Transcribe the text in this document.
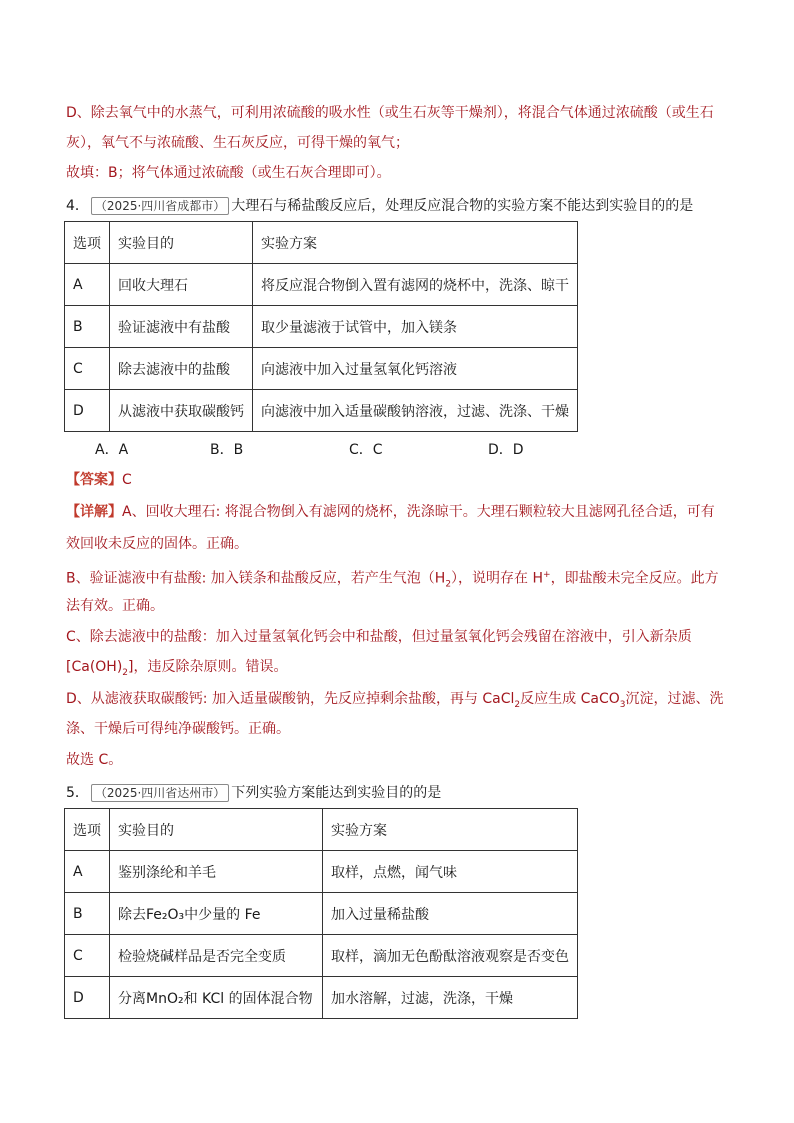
D、除去氧气中的水蒸气，可利用浓硫酸的吸水性（或生石灰等干燥剂），将混合气体通过浓硫酸（或生石
灰），氧气不与浓硫酸、生石灰反应，可得干燥的氧气；
故填：B；将气体通过浓硫酸（或生石灰合理即可）。
4． （2025·四川省成都市） 大理石与稀盐酸反应后，处理反应混合物的实验方案不能达到实验目的的是
选项	实验目的	实验方案
A	回收大理石	将反应混合物倒入置有滤网的烧杯中，洗涤、晾干
B	验证滤液中有盐酸	取少量滤液于试管中，加入镁条
C	除去滤液中的盐酸	向滤液中加入过量氢氧化钙溶液
D	从滤液中获取碳酸钙	向滤液中加入适量碳酸钠溶液，过滤、洗涤、干燥
A．A	B．B	C．C	D．D
【答案】C
【详解】A、回收大理石: 将混合物倒入有滤网的烧杯，洗涤晾干。大理石颗粒较大且滤网孔径合适，可有
效回收未反应的固体。正确。
B、验证滤液中有盐酸: 加入镁条和盐酸反应，若产生气泡$(H_2)$，说明存在 H+，即盐酸未完全反应。此方
法有效。正确。
C、除去滤液中的盐酸：加入过量氢氧化钙会中和盐酸，但过量氢氧化钙会残留在溶液中，引入新杂质
$[Ca(OH)_2]$，违反除杂原则。错误。
D、从滤液获取碳酸钙: 加入适量碳酸钠，先反应掉剩余盐酸，再与 CaCl$_2$反应生成 CaCO$_3$沉淀，过滤、洗
涤、干燥后可得纯净碳酸钙。正确。
故选 C。
5． （2025·四川省达州市） 下列实验方案能达到实验目的的是
选项	实验目的	实验方案
A	鉴别涤纶和羊毛	取样，点燃，闻气味
B	除去Fe₂O₃中少量的 Fe	加入过量稀盐酸
C	检验烧碱样品是否完全变质	取样，滴加无色酚酞溶液观察是否变色
D	分离MnO₂和 KCl 的固体混合物	加水溶解，过滤，洗涤，干燥
